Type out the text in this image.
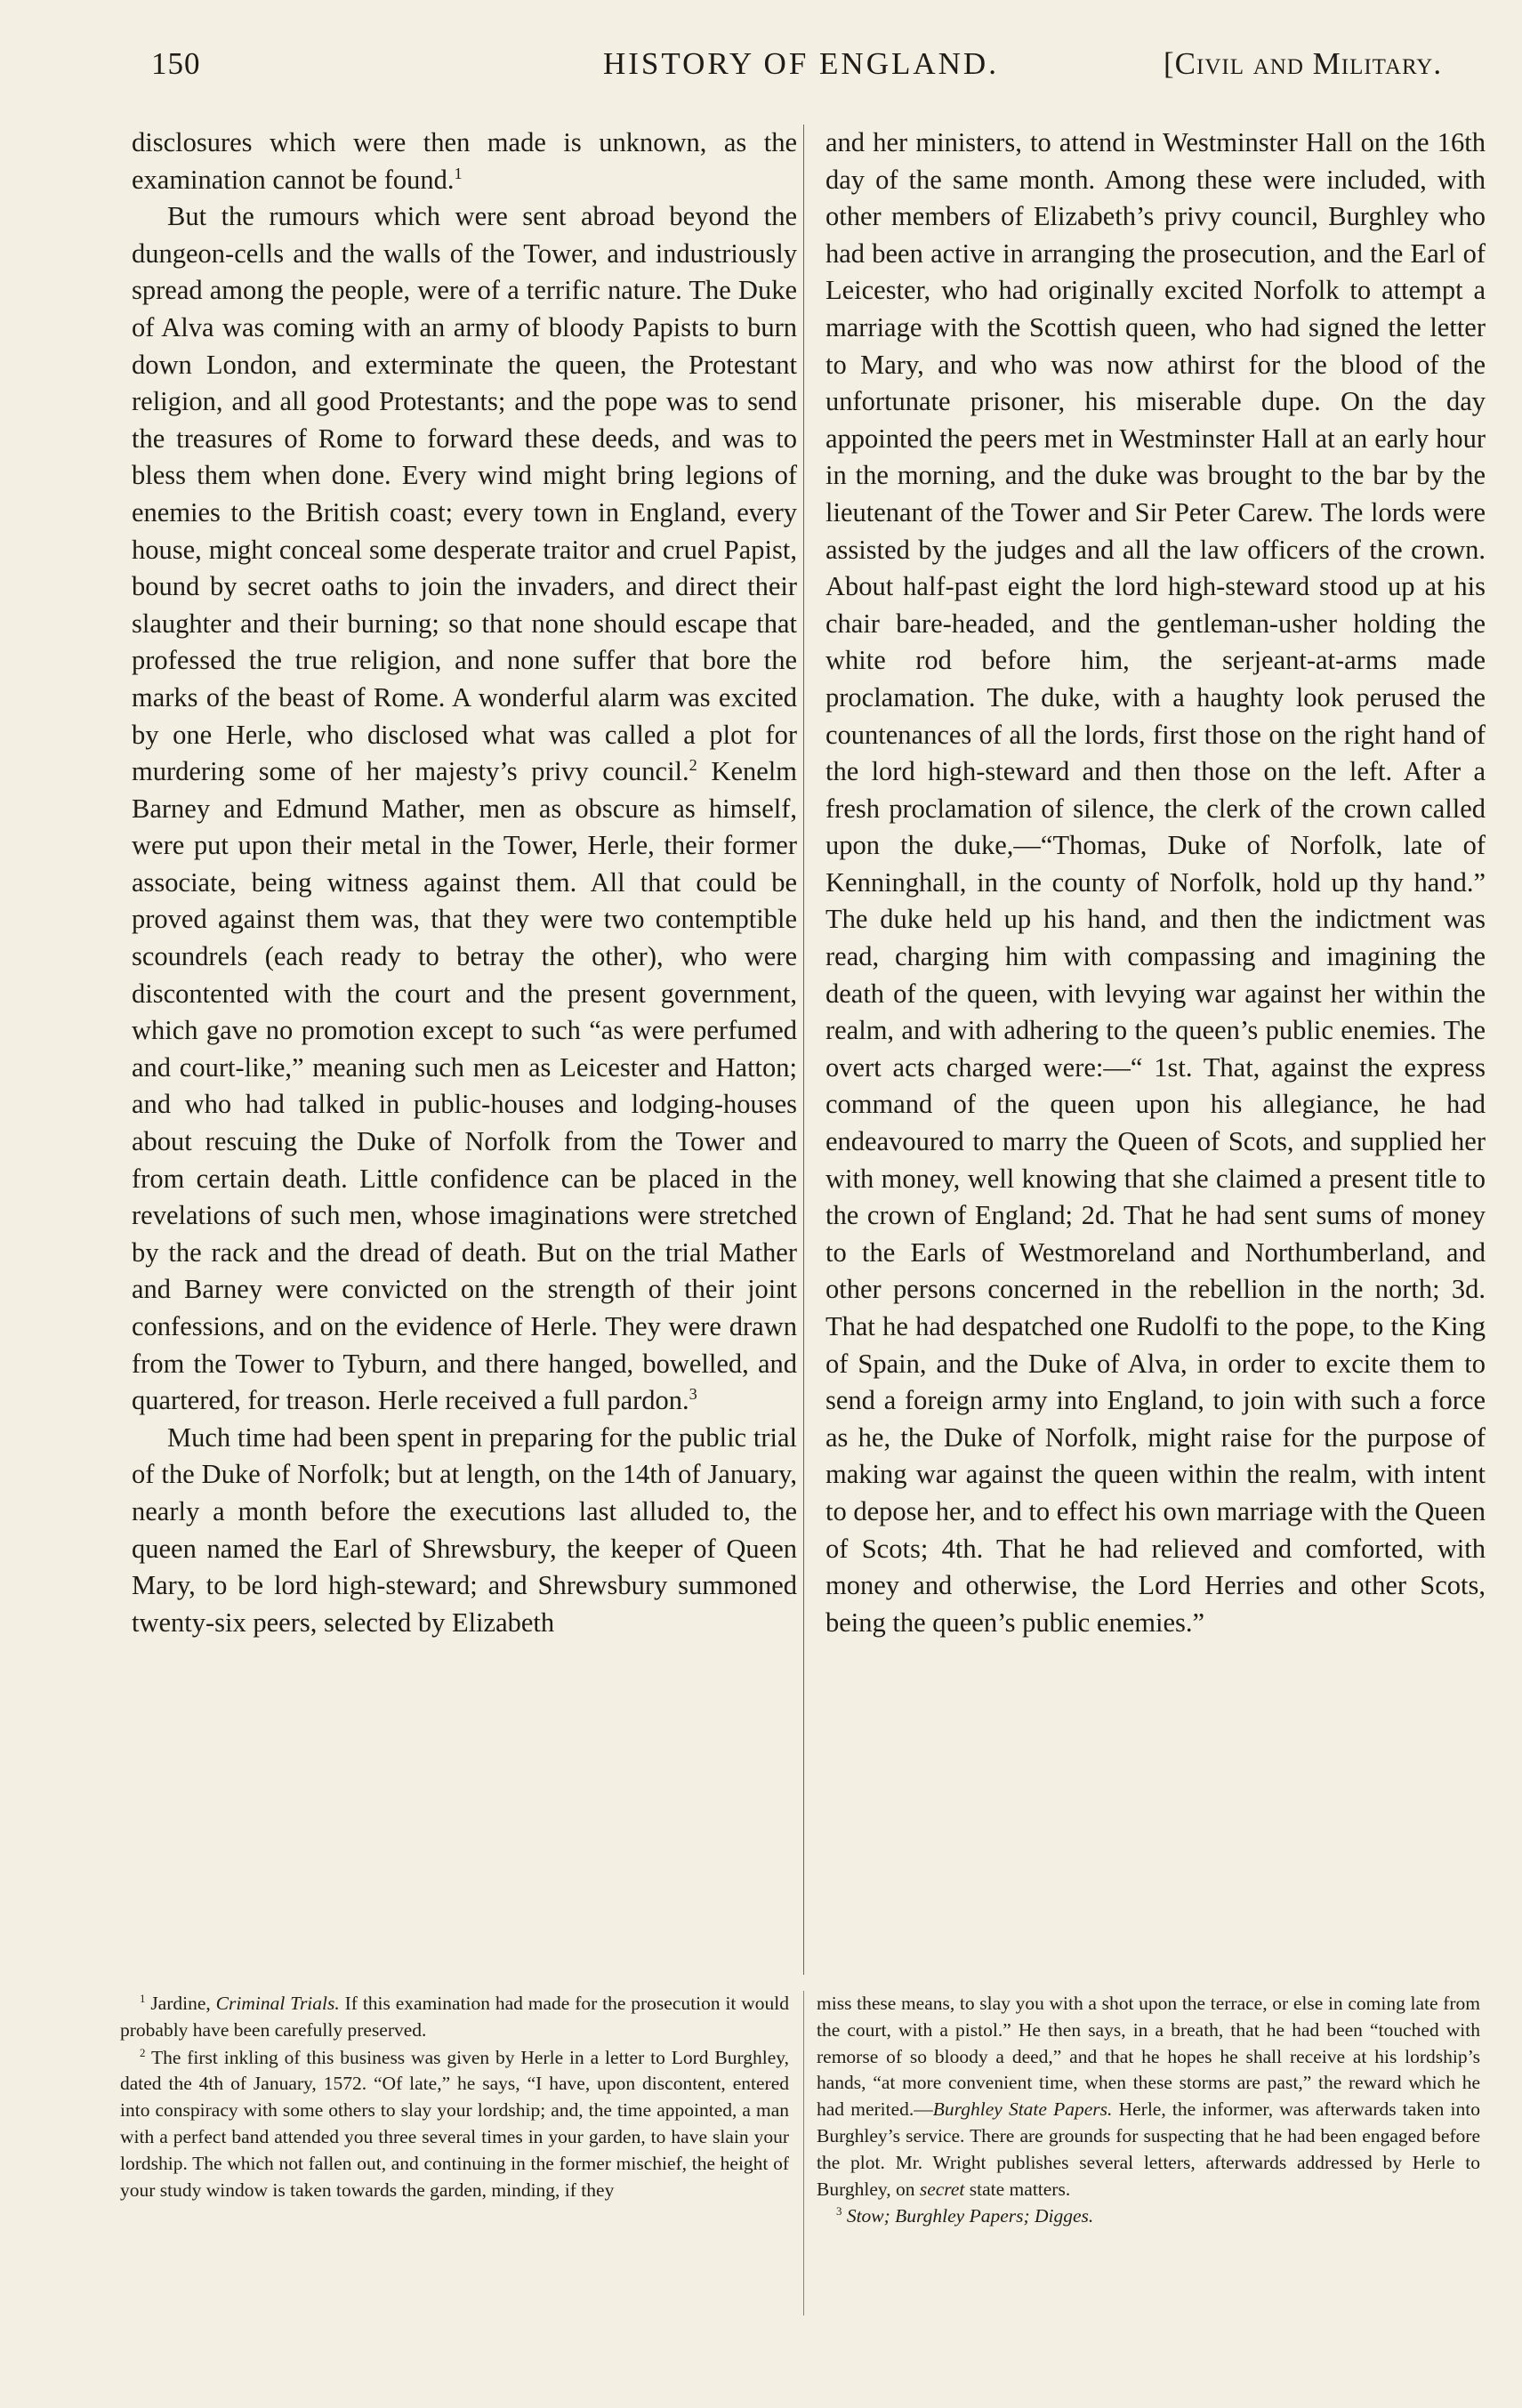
150	HISTORY OF ENGLAND.	[Civil and Military.

disclosures which were then made is unknown, as the examination cannot be found.$^1$

But the rumours which were sent abroad beyond the dungeon-cells and the walls of the Tower, and industriously spread among the people, were of a terrific nature. The Duke of Alva was coming with an army of bloody Papists to burn down London, and exterminate the queen, the Protestant religion, and all good Protestants; and the pope was to send the treasures of Rome to forward these deeds, and was to bless them when done. Every wind might bring legions of enemies to the British coast; every town in England, every house, might conceal some desperate traitor and cruel Papist, bound by secret oaths to join the invaders, and direct their slaughter and their burning; so that none should escape that professed the true religion, and none suffer that bore the marks of the beast of Rome. A wonderful alarm was excited by one Herle, who disclosed what was called a plot for murdering some of her majesty’s privy council.$^2$ Kenelm Barney and Edmund Mather, men as obscure as himself, were put upon their metal in the Tower, Herle, their former associate, being witness against them. All that could be proved against them was, that they were two contemptible scoundrels (each ready to betray the other), who were discontented with the court and the present government, which gave no promotion except to such “as were perfumed and court-like,” meaning such men as Leicester and Hatton; and who had talked in public-houses and lodging-houses about rescuing the Duke of Norfolk from the Tower and from certain death. Little confidence can be placed in the revelations of such men, whose imaginations were stretched by the rack and the dread of death. But on the trial Mather and Barney were convicted on the strength of their joint confessions, and on the evidence of Herle. They were drawn from the Tower to Tyburn, and there hanged, bowelled, and quartered, for treason. Herle received a full pardon.$^3$

Much time had been spent in preparing for the public trial of the Duke of Norfolk; but at length, on the 14th of January, nearly a month before the executions last alluded to, the queen named the Earl of Shrewsbury, the keeper of Queen Mary, to be lord high-steward; and Shrewsbury summoned twenty-six peers, selected by Elizabeth

and her ministers, to attend in Westminster Hall on the 16th day of the same month. Among these were included, with other members of Elizabeth’s privy council, Burghley who had been active in arranging the prosecution, and the Earl of Leicester, who had originally excited Norfolk to attempt a marriage with the Scottish queen, who had signed the letter to Mary, and who was now athirst for the blood of the unfortunate prisoner, his miserable dupe. On the day appointed the peers met in Westminster Hall at an early hour in the morning, and the duke was brought to the bar by the lieutenant of the Tower and Sir Peter Carew. The lords were assisted by the judges and all the law officers of the crown. About half-past eight the lord high-steward stood up at his chair bare-headed, and the gentleman-usher holding the white rod before him, the serjeant-at-arms made proclamation. The duke, with a haughty look perused the countenances of all the lords, first those on the right hand of the lord high-steward and then those on the left. After a fresh proclamation of silence, the clerk of the crown called upon the duke,—“Thomas, Duke of Norfolk, late of Kenninghall, in the county of Norfolk, hold up thy hand.” The duke held up his hand, and then the indictment was read, charging him with compassing and imagining the death of the queen, with levying war against her within the realm, and with adhering to the queen’s public enemies. The overt acts charged were:—“ 1st. That, against the express command of the queen upon his allegiance, he had endeavoured to marry the Queen of Scots, and supplied her with money, well knowing that she claimed a present title to the crown of England; 2d. That he had sent sums of money to the Earls of Westmoreland and Northumberland, and other persons concerned in the rebellion in the north; 3d. That he had despatched one Rudolfi to the pope, to the King of Spain, and the Duke of Alva, in order to excite them to send a foreign army into England, to join with such a force as he, the Duke of Norfolk, might raise for the purpose of making war against the queen within the realm, with intent to depose her, and to effect his own marriage with the Queen of Scots; 4th. That he had relieved and comforted, with money and otherwise, the Lord Herries and other Scots, being the queen’s public enemies.”

$^1$ Jardine, Criminal Trials. If this examination had made for the prosecution it would probably have been carefully preserved.

$^2$ The first inkling of this business was given by Herle in a letter to Lord Burghley, dated the 4th of January, 1572. “Of late,” he says, “I have, upon discontent, entered into conspiracy with some others to slay your lordship; and, the time appointed, a man with a perfect band attended you three several times in your garden, to have slain your lordship. The which not fallen out, and continuing in the former mischief, the height of your study window is taken towards the garden, minding, if they

miss these means, to slay you with a shot upon the terrace, or else in coming late from the court, with a pistol.” He then says, in a breath, that he had been “touched with remorse of so bloody a deed,” and that he hopes he shall receive at his lordship’s hands, “at more convenient time, when these storms are past,” the reward which he had merited.—Burghley State Papers. Herle, the informer, was afterwards taken into Burghley’s service. There are grounds for suspecting that he had been engaged before the plot. Mr. Wright publishes several letters, afterwards addressed by Herle to Burghley, on secret state matters.

$^3$ Stow; Burghley Papers; Digges.
